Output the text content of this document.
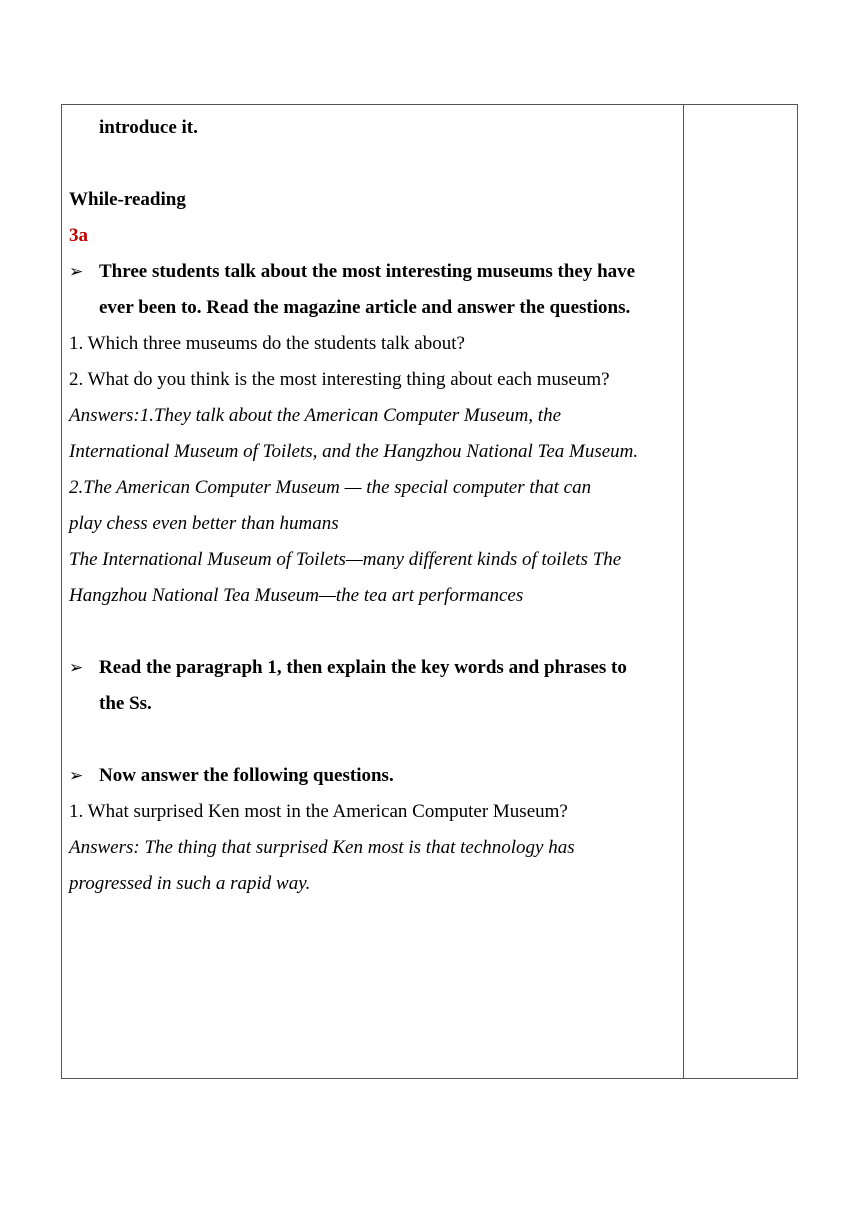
introduce it.
While-reading
3a
➢ Three students talk about the most interesting museums they have
ever been to. Read the magazine article and answer the questions.
1. Which three museums do the students talk about?
2. What do you think is the most interesting thing about each museum?
Answers:1.They talk about the American Computer Museum, the
International Museum of Toilets, and the Hangzhou National Tea Museum.
2.The American Computer Museum — the special computer that can
play chess even better than humans
The International Museum of Toilets—many different kinds of toilets The
Hangzhou National Tea Museum—the tea art performances
➢ Read the paragraph 1, then explain the key words and phrases to
the Ss.
➢ Now answer the following questions.
1. What surprised Ken most in the American Computer Museum?
Answers: The thing that surprised Ken most is that technology has
progressed in such a rapid way.
